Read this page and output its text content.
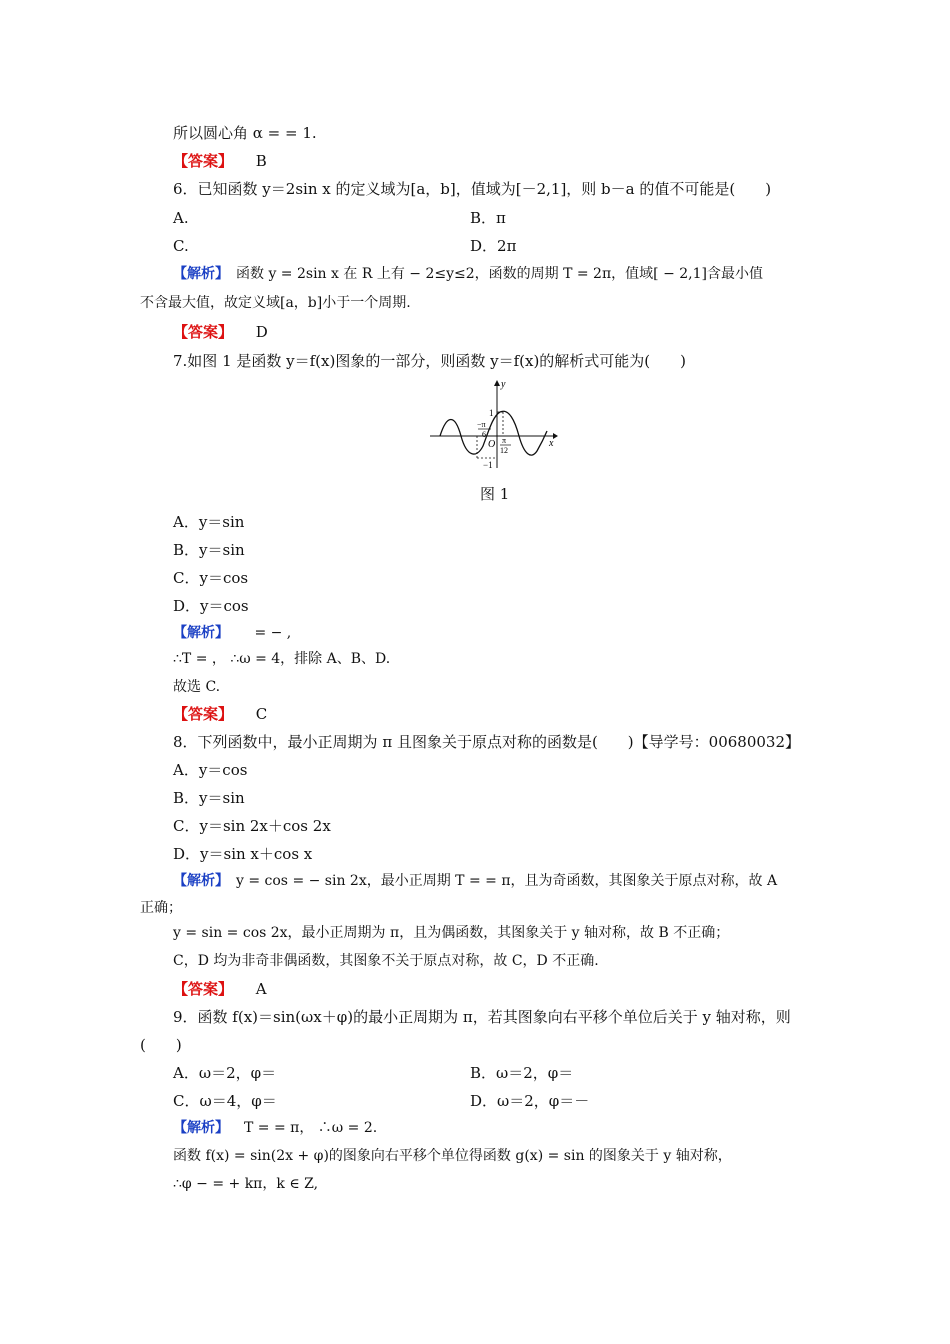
所以圆心角 α = = 1.
【答案】 B
6．已知函数 y＝2sin x 的定义域为[a，b]，值域为[－2,1]，则 b－a 的值不可能是(　　)
A.	B．π
C.	D．2π
【解析】　函数 y = 2sin x 在 R 上有 − 2≤y≤2，函数的周期 T = 2π，值域[ − 2,1]含最小值
不含最大值，故定义域[a，b]小于一个周期.
【答案】 D
7.如图 1 是函数 y＝f(x)图象的一部分，则函数 y＝f(x)的解析式可能为(　　)
y
x
O
1
−1
−π
6
π
12
图 1
A．y＝sin
B．y＝sin
C．y＝cos
D．y＝cos
【解析】　 = − ,
∴T = ， ∴ω = 4，排除 A、B、D.
故选 C.
【答案】 C
8．下列函数中，最小正周期为 π 且图象关于原点对称的函数是(　　)【导学号：00680032】
A．y＝cos
B．y＝sin
C．y＝sin 2x＋cos 2x
D．y＝sin x＋cos x
【解析】　y = cos = − sin 2x，最小正周期 T = = π，且为奇函数，其图象关于原点对称，故 A
正确；
y = sin = cos 2x，最小正周期为 π，且为偶函数，其图象关于 y 轴对称，故 B 不正确；
C，D 均为非奇非偶函数，其图象不关于原点对称，故 C，D 不正确.
【答案】 A
9．函数 f(x)＝sin(ωx＋φ)的最小正周期为 π，若其图象向右平移个单位后关于 y 轴对称，则
(　　)
A．ω＝2，φ＝	B．ω＝2，φ＝
C．ω＝4，φ＝	D．ω＝2，φ＝－
【解析】　T = = π， ∴ω = 2.
函数 f(x) = sin(2x + φ)的图象向右平移个单位得函数 g(x) = sin 的图象关于 y 轴对称，
∴φ − = + kπ，k ∈ Z,
